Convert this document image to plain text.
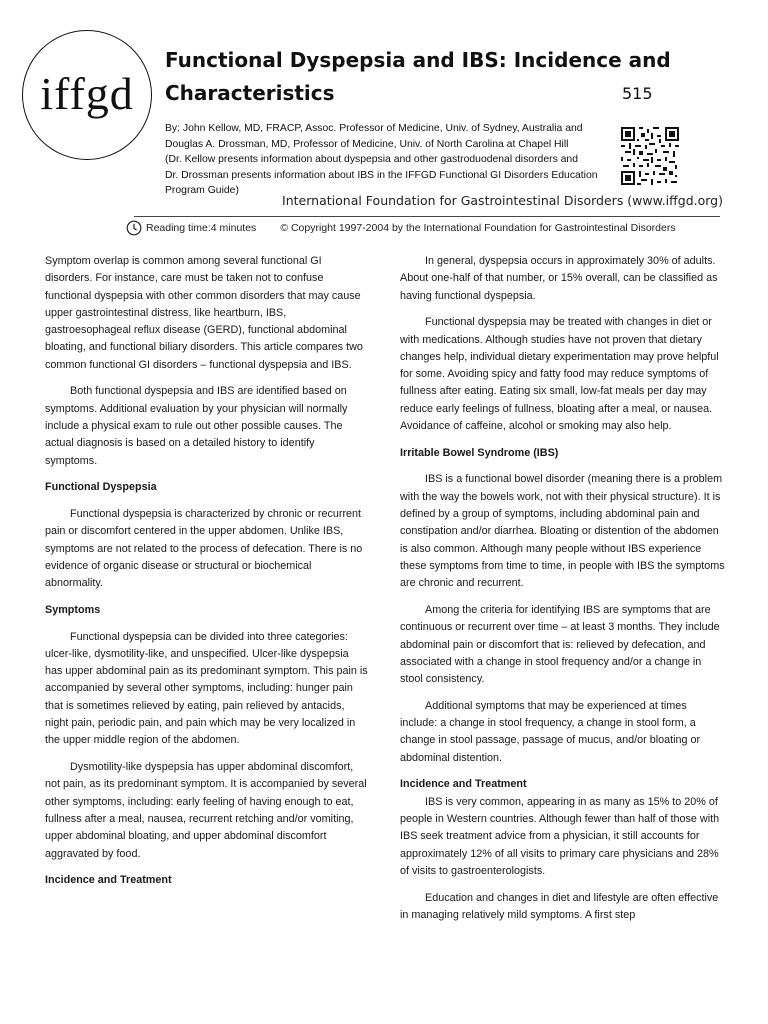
iffgd
Functional Dyspepsia and IBS: Incidence and
Characteristics	515
By: John Kellow, MD, FRACP, Assoc. Professor of Medicine, Univ. of Sydney, Australia and
Douglas A. Drossman, MD, Professor of Medicine, Univ. of North Carolina at Chapel Hill
(Dr. Kellow presents information about dyspepsia and other gastroduodenal disorders and
Dr. Drossman presents information about IBS in the IFFGD Functional GI Disorders Education
Program Guide)
International Foundation for Gastrointestinal Disorders (www.iffgd.org)
Reading time:4 minutes © Copyright 1997-2004 by the International Foundation for Gastrointestinal Disorders

Symptom overlap is common among several functional GI disorders. For instance, care must be taken not to confuse functional dyspepsia with other common disorders that may cause upper gastrointestinal distress, like heartburn, IBS, gastroesophageal reflux disease (GERD), functional abdominal bloating, and functional biliary disorders. This article compares two common functional GI disorders – functional dyspepsia and IBS.

Both functional dyspepsia and IBS are identified based on symptoms. Additional evaluation by your physician will normally include a physical exam to rule out other possible causes. The actual diagnosis is based on a detailed history to identify symptoms.

Functional Dyspepsia

Functional dyspepsia is characterized by chronic or recurrent pain or discomfort centered in the upper abdomen. Unlike IBS, symptoms are not related to the process of defecation. There is no evidence of organic disease or structural or biochemical abnormality.

Symptoms

Functional dyspepsia can be divided into three categories: ulcer-like, dysmotility-like, and unspecified. Ulcer-like dyspepsia has upper abdominal pain as its predominant symptom. This pain is accompanied by several other symptoms, including: hunger pain that is sometimes relieved by eating, pain relieved by antacids, night pain, periodic pain, and pain which may be very localized in the upper middle region of the abdomen.

Dysmotility-like dyspepsia has upper abdominal discomfort, not pain, as its predominant symptom. It is accompanied by several other symptoms, including: early feeling of having enough to eat, fullness after a meal, nausea, recurrent retching and/or vomiting, upper abdominal bloating, and upper abdominal discomfort aggravated by food.

Incidence and Treatment

In general, dyspepsia occurs in approximately 30% of adults. About one-half of that number, or 15% overall, can be classified as having functional dyspepsia.

Functional dyspepsia may be treated with changes in diet or with medications. Although studies have not proven that dietary changes help, individual dietary experimentation may prove helpful for some. Avoiding spicy and fatty food may reduce symptoms of fullness after eating. Eating six small, low-fat meals per day may reduce early feelings of fullness, bloating after a meal, or nausea. Avoidance of caffeine, alcohol or smoking may also help.

Irritable Bowel Syndrome (IBS)

IBS is a functional bowel disorder (meaning there is a problem with the way the bowels work, not with their physical structure). It is defined by a group of symptoms, including abdominal pain and constipation and/or diarrhea. Bloating or distention of the abdomen is also common. Although many people without IBS experience these symptoms from time to time, in people with IBS the symptoms are chronic and recurrent.

Among the criteria for identifying IBS are symptoms that are continuous or recurrent over time – at least 3 months. They include abdominal pain or discomfort that is: relieved by defecation, and associated with a change in stool frequency and/or a change in stool consistency.

Additional symptoms that may be experienced at times include: a change in stool frequency, a change in stool form, a change in stool passage, passage of mucus, and/or bloating or abdominal distention.

Incidence and Treatment

IBS is very common, appearing in as many as 15% to 20% of people in Western countries. Although fewer than half of those with IBS seek treatment advice from a physician, it still accounts for approximately 12% of all visits to primary care physicians and 28% of visits to gastroenterologists.

Education and changes in diet and lifestyle are often effective in managing relatively mild symptoms. A first step
